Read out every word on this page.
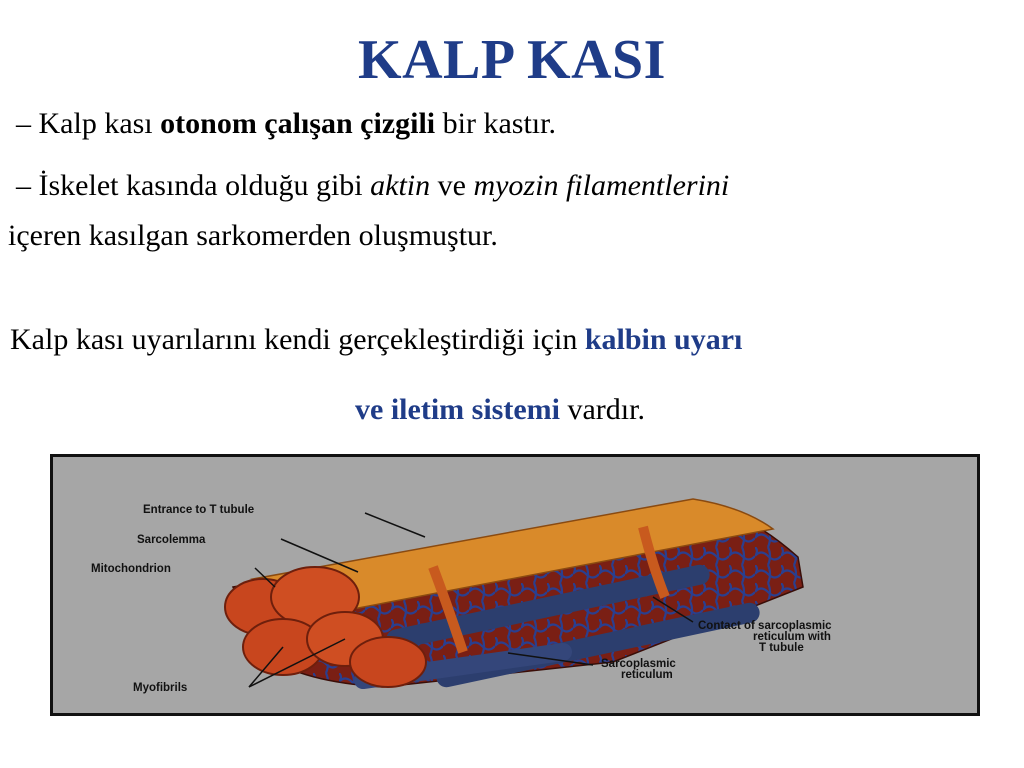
KALP KASI
– Kalp kası otonom çalışan çizgili bir kastır.
– İskelet kasında olduğu gibi aktin ve myozin filamentlerini
içeren kasılgan sarkomerden oluşmuştur.
Kalp kası uyarılarını kendi gerçekleştirdiği için kalbin uyarı
ve iletim sistemi vardır.
Entrance to T tubule
Sarcolemma
Mitochondrion
Myofibrils
Contact of sarcoplasmic
reticulum with
T tubule
Sarcoplasmic
reticulum
